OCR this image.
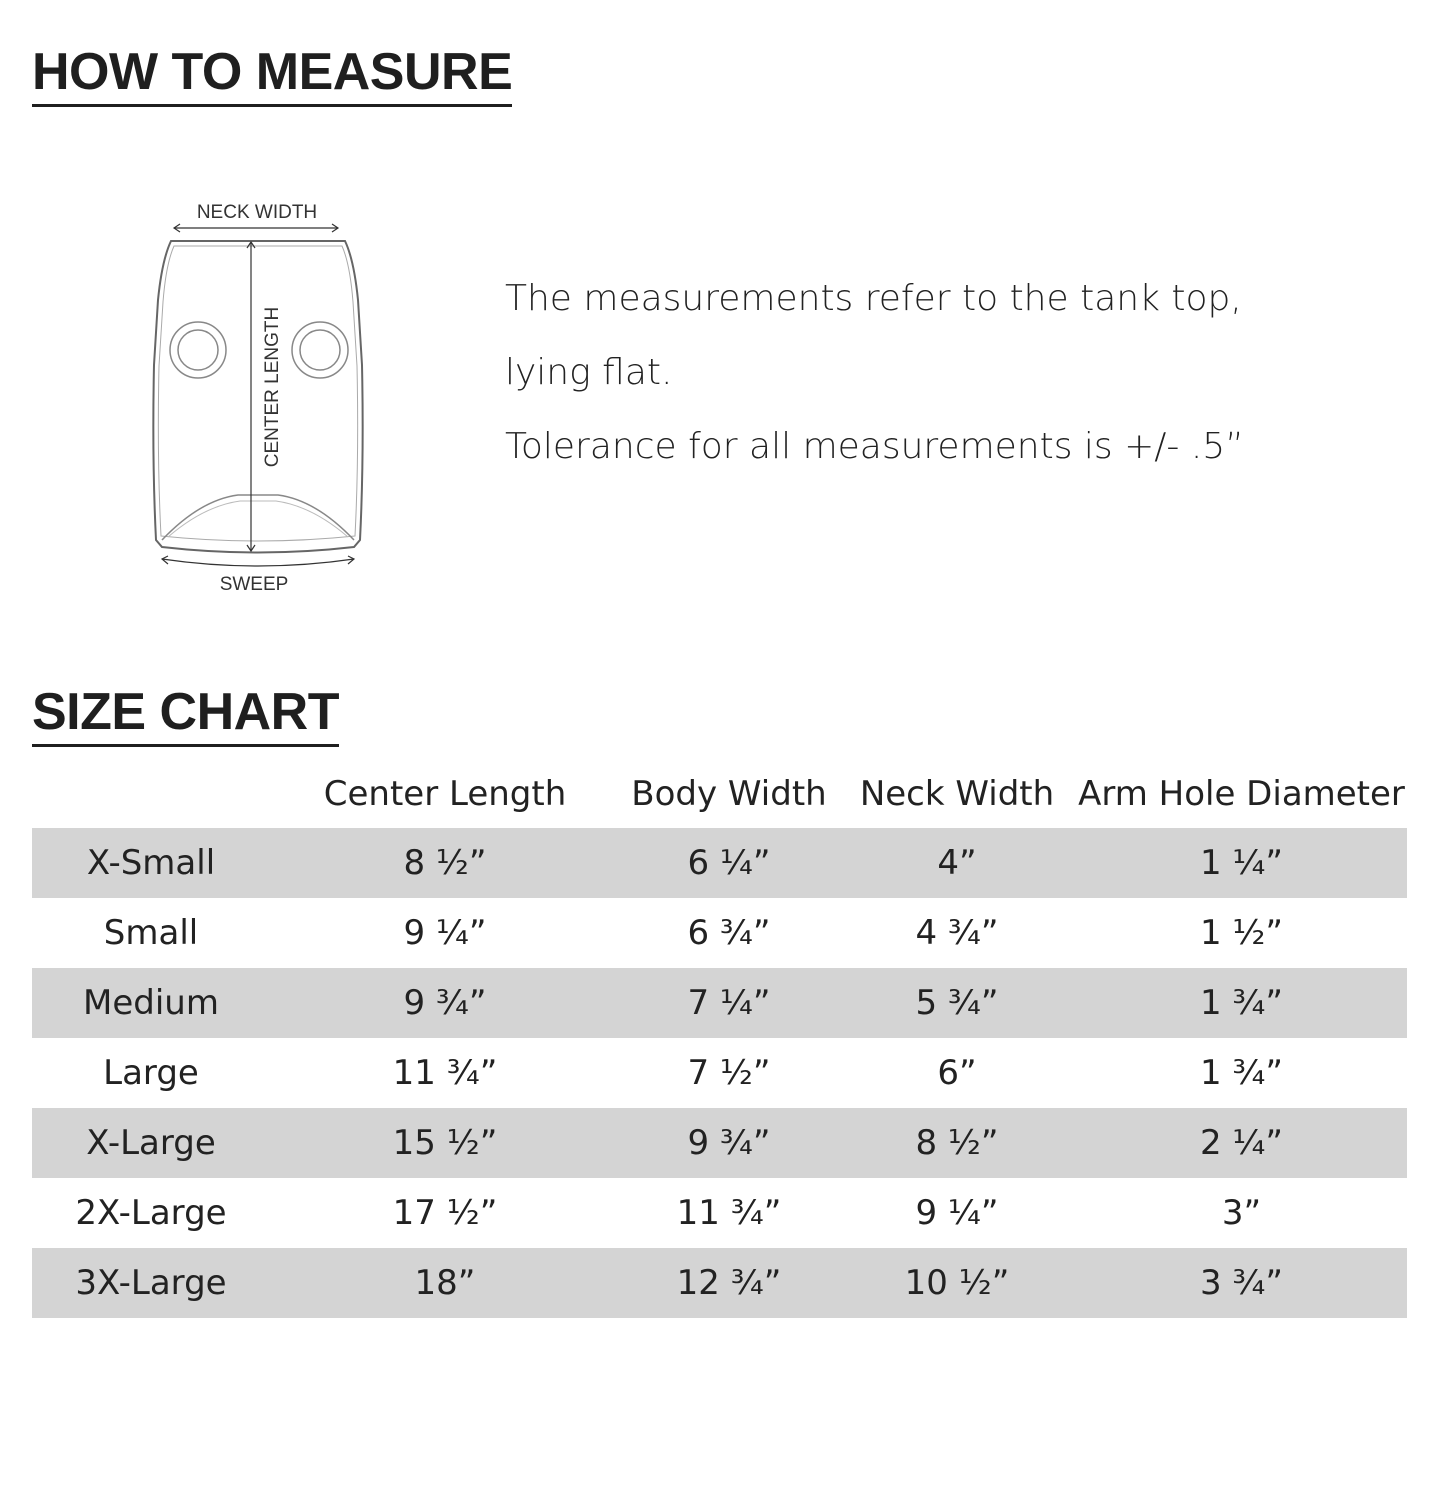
HOW TO MEASURE
NECK WIDTH
CENTER LENGTH
SWEEP

The measurements refer to the tank top,

lying flat.

Tolerance for all measurements is +/- .5”

SIZE CHART
	Center Length	Body Width	Neck Width	Arm Hole Diameter
X-Small	8 ½”	6 ¼”	4”	1 ¼”
Small	9 ¼”	6 ¾”	4 ¾”	1 ½”
Medium	9 ¾”	7 ¼”	5 ¾”	1 ¾”
Large	11 ¾”	7 ½”	6”	1 ¾”
X-Large	15 ½”	9 ¾”	8 ½”	2 ¼”
2X-Large	17 ½”	11 ¾”	9 ¼”	3”
3X-Large	18”	12 ¾”	10 ½”	3 ¾”
